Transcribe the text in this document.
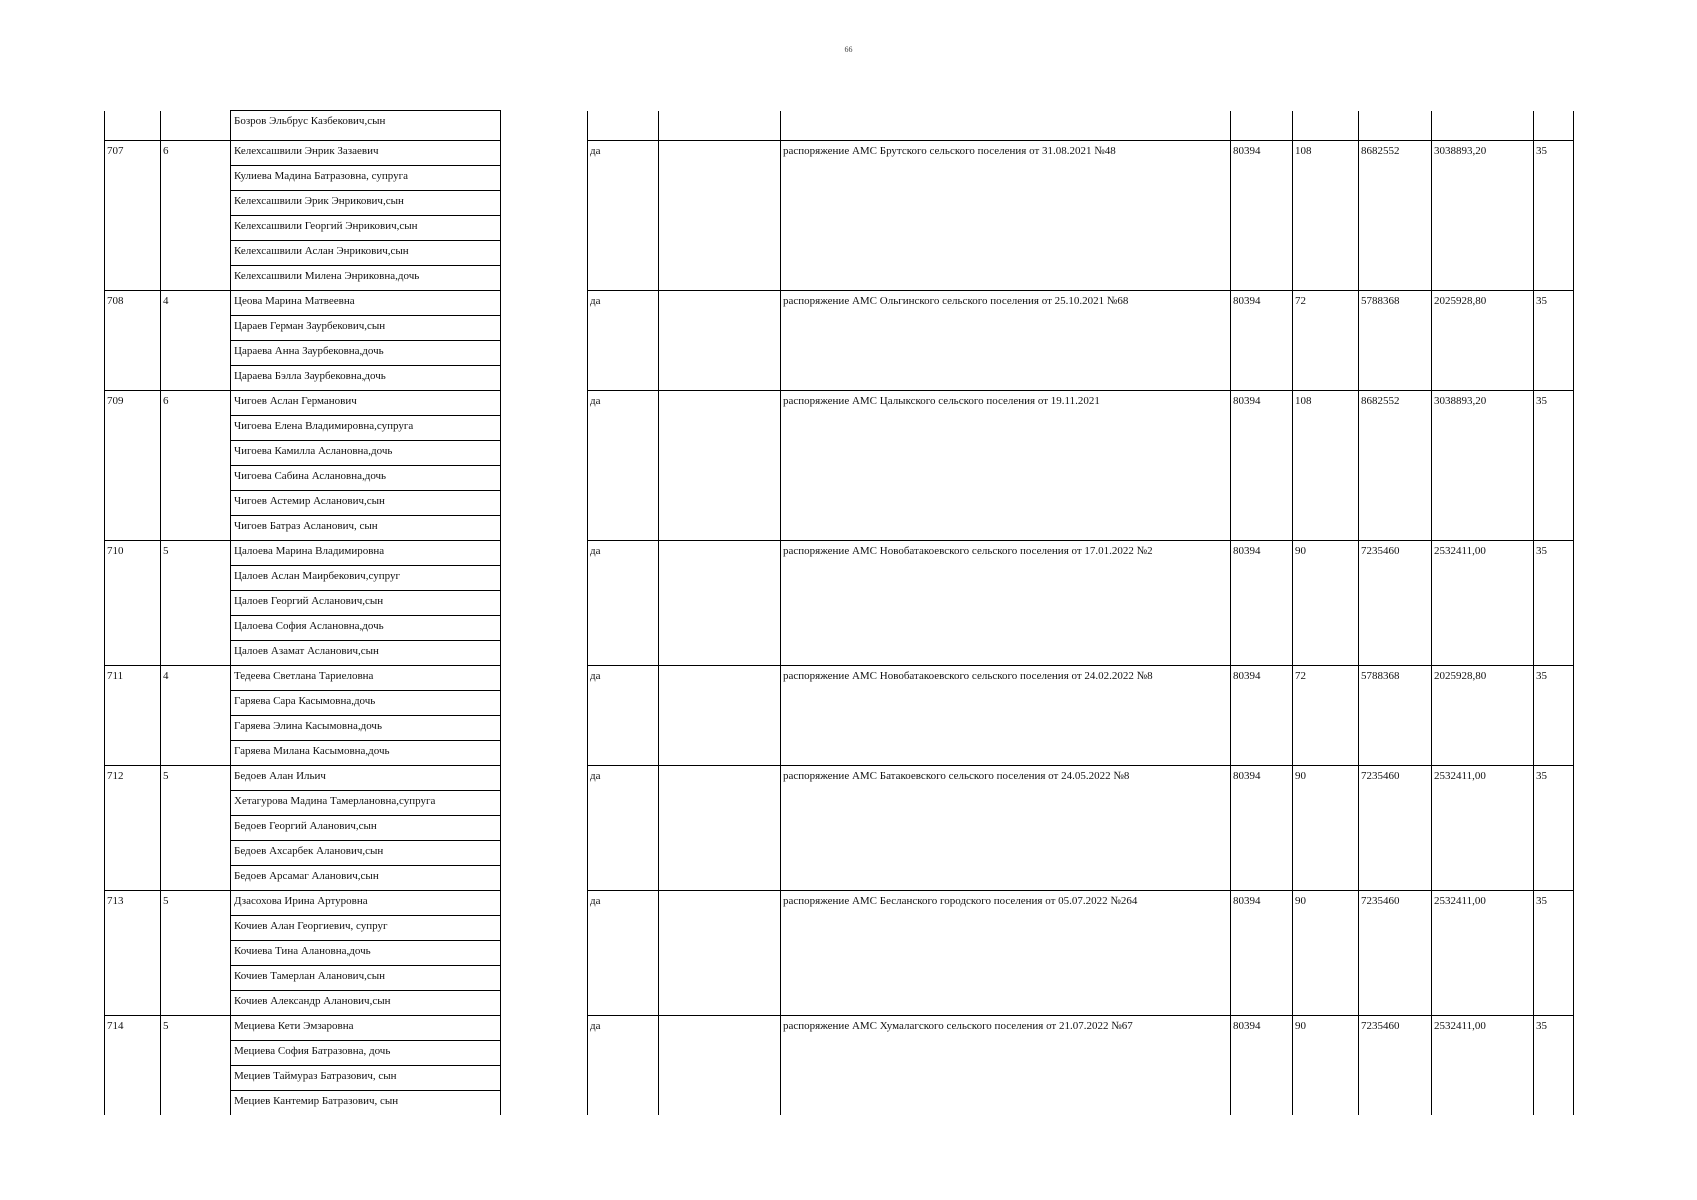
66
		Бозров Эльбрус Казбекович,сын									
707	6	Келехсашвили Энрик Зазаевич		да		распоряжение АМС Брутского сельского поселения от 31.08.2021 №48	80394	108	8682552	3038893,20	35
		Кулиева Мадина Батразовна, супруга									
		Келехсашвили Эрик Энрикович,сын									
		Келехсашвили Георгий Энрикович,сын									
		Келехсашвили Аслан Энрикович,сын									
		Келехсашвили Милена Энриковна,дочь									
708	4	Цеова Марина Матвеевна		да		распоряжение АМС Ольгинского сельского поселения от 25.10.2021 №68	80394	72	5788368	2025928,80	35
		Цараев Герман Заурбекович,сын									
		Цараева Анна Заурбековна,дочь									
		Цараева Бэлла Заурбековна,дочь									
709	6	Чигоев Аслан Германович		да		распоряжение АМС Цалыкского сельского поселения от 19.11.2021	80394	108	8682552	3038893,20	35
		Чигоева Елена Владимировна,супруга									
		Чигоева Камилла Аслановна,дочь									
		Чигоева Сабина Аслановна,дочь									
		Чигоев Астемир Асланович,сын									
		Чигоев Батраз Асланович, сын									
710	5	Цалоева Марина Владимировна		да		распоряжение АМС Новобатакоевского сельского поселения от 17.01.2022 №2	80394	90	7235460	2532411,00	35
		Цалоев Аслан Маирбекович,супруг									
		Цалоев Георгий Асланович,сын									
		Цалоева София Аслановна,дочь									
		Цалоев Азамат Асланович,сын									
711	4	Тедеева Светлана Тариеловна		да		распоряжение АМС Новобатакоевского сельского поселения от 24.02.2022 №8	80394	72	5788368	2025928,80	35
		Гаряева Сара Касымовна,дочь									
		Гаряева Элина Касымовна,дочь									
		Гаряева Милана Касымовна,дочь									
712	5	Бедоев Алан Ильич		да		распоряжение АМС Батакоевского сельского поселения от 24.05.2022 №8	80394	90	7235460	2532411,00	35
		Хетагурова Мадина Тамерлановна,супруга									
		Бедоев Георгий Аланович,сын									
		Бедоев Ахсарбек Аланович,сын									
		Бедоев Арсамаг Аланович,сын									
713	5	Дзасохова Ирина Артуровна		да		распоряжение АМС Бесланского городского поселения от 05.07.2022 №264	80394	90	7235460	2532411,00	35
		Кочиев Алан Георгиевич, супруг									
		Кочиева Тина Алановна,дочь									
		Кочиев Тамерлан Аланович,сын									
		Кочиев Александр Аланович,сын									
714	5	Мециева Кети Эмзаровна		да		распоряжение АМС Хумалагского сельского поселения от 21.07.2022 №67	80394	90	7235460	2532411,00	35
		Мециева София Батразовна, дочь									
		Мециев Таймураз Батразович, сын									
		Мециев Кантемир Батразович, сын									
